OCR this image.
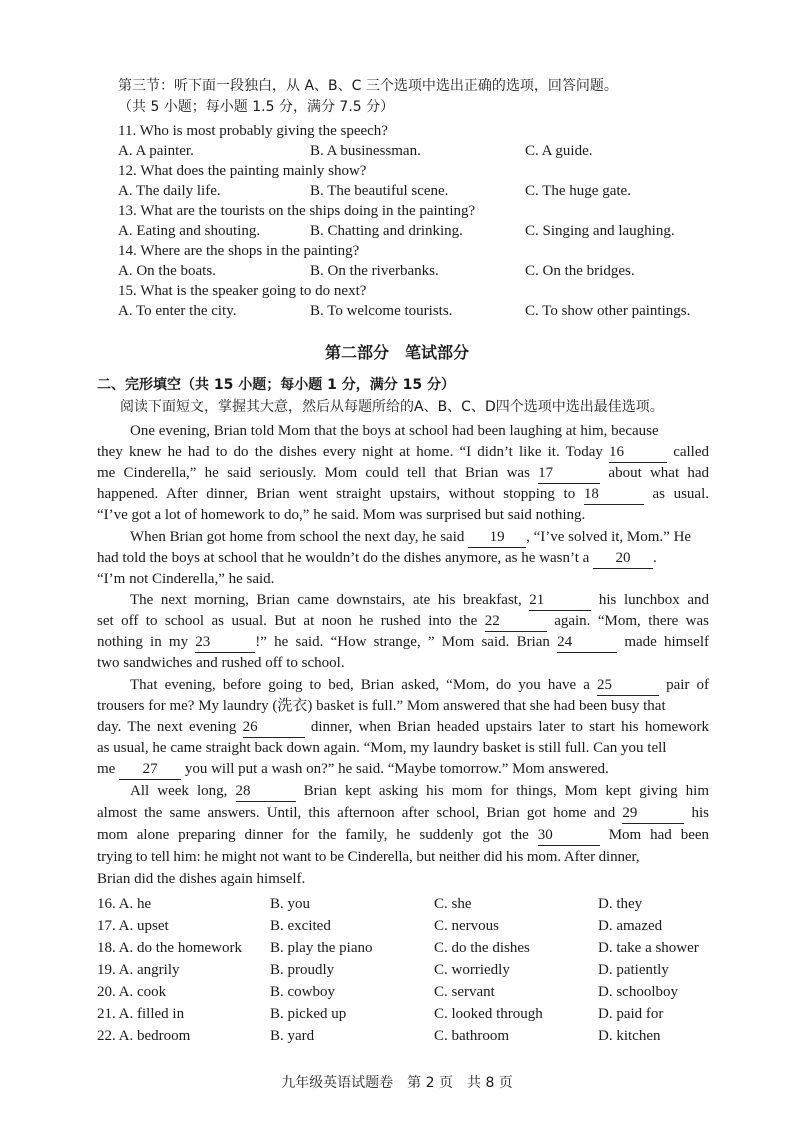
第三节：听下面一段独白，从 A、B、C 三个选项中选出正确的选项，回答问题。
（共 5 小题；每小题 1.5 分，满分 7.5 分）
11. Who is most probably giving the speech?
A. A painter.	B. A businessman.	C. A guide.
12. What does the painting mainly show?
A. The daily life.	B. The beautiful scene.	C. The huge gate.
13. What are the tourists on the ships doing in the painting?
A. Eating and shouting.	B. Chatting and drinking.	C. Singing and laughing.
14. Where are the shops in the painting?
A. On the boats.	B. On the riverbanks.	C. On the bridges.
15. What is the speaker going to do next?
A. To enter the city.	B. To welcome tourists.	C. To show other paintings.
第二部分　笔试部分
二、完形填空（共 15 小题；每小题 1 分，满分 15 分）
阅读下面短文，掌握其大意，然后从每题所给的A、B、C、D四个选项中选出最佳选项。
One evening, Brian told Mom that the boys at school had been laughing at him, because
they knew he had to do the dishes every night at home. “I didn’t like it. Today 16	called
me Cinderella,” he said seriously. Mom could tell that Brian was 17	about what had
happened. After dinner, Brian went straight upstairs, without stopping to 18	as usual.
“I’ve got a lot of homework to do,” he said. Mom was surprised but said nothing.
When Brian got home from school the next day, he said 19 , “I’ve solved it, Mom.” He
had told the boys at school that he wouldn’t do the dishes anymore, as he wasn’t a 20 .
“I’m not Cinderella,” he said.
The next morning, Brian came downstairs, ate his breakfast, 21	his lunchbox and
set off to school as usual. But at noon he rushed into the 22	again. “Mom, there was
nothing in my 23	!” he said. “How strange, ” Mom said. Brian 24	made himself
two sandwiches and rushed off to school.
That evening, before going to bed, Brian asked, “Mom, do you have a 25	pair of
trousers for me? My laundry (洗衣) basket is full.” Mom answered that she had been busy that
day. The next evening 26	dinner, when Brian headed upstairs later to start his homework
as usual, he came straight back down again. “Mom, my laundry basket is still full. Can you tell
me 27 you will put a wash on?” he said. “Maybe tomorrow.” Mom answered.
All week long, 28	Brian kept asking his mom for things, Mom kept giving him
almost the same answers. Until, this afternoon after school, Brian got home and 29	his
mom alone preparing dinner for the family, he suddenly got the 30	Mom had been
trying to tell him: he might not want to be Cinderella, but neither did his mom. After dinner,
Brian did the dishes again himself.
16. A. he	B. you	C. she	D. they
17. A. upset	B. excited	C. nervous	D. amazed
18. A. do the homework B. play the piano	C. do the dishes	D. take a shower
19. A. angrily	B. proudly	C. worriedly	D. patiently
20. A. cook	B. cowboy	C. servant	D. schoolboy
21. A. filled in	B. picked up	C. looked through	D. paid for
22. A. bedroom	B. yard	C. bathroom	D. kitchen
九年级英语试题卷　第 2 页　共 8 页
